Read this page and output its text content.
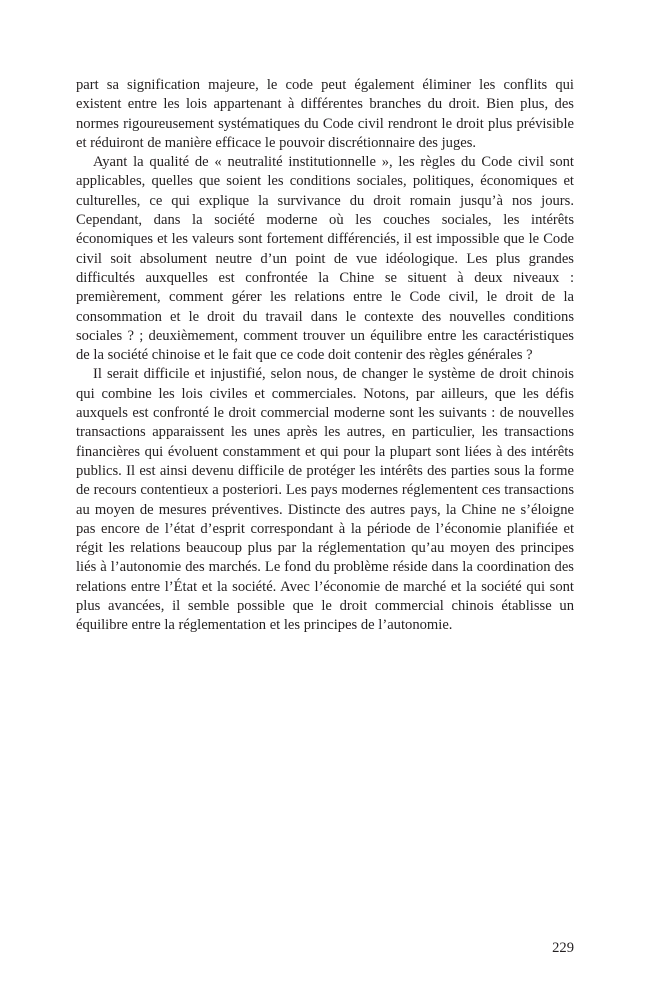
part sa signification majeure, le code peut également éliminer les conflits qui existent entre les lois appartenant à différentes branches du droit. Bien plus, des normes rigoureusement systématiques du Code civil rendront le droit plus prévisible et réduiront de manière efficace le pouvoir discrétionnaire des juges.

Ayant la qualité de « neutralité institutionnelle », les règles du Code civil sont applicables, quelles que soient les conditions sociales, politiques, économiques et culturelles, ce qui explique la survivance du droit romain jusqu’à nos jours. Cependant, dans la société moderne où les couches sociales, les intérêts économiques et les valeurs sont fortement différenciés, il est impossible que le Code civil soit absolument neutre d’un point de vue idéologique. Les plus grandes difficultés auxquelles est confrontée la Chine se situent à deux niveaux : premièrement, comment gérer les relations entre le Code civil, le droit de la consommation et le droit du travail dans le contexte des nouvelles conditions sociales ? ; deuxièmement, comment trouver un équilibre entre les caractéristiques de la société chinoise et le fait que ce code doit contenir des règles générales ?

Il serait difficile et injustifié, selon nous, de changer le système de droit chinois qui combine les lois civiles et commerciales. Notons, par ailleurs, que les défis auxquels est confronté le droit commercial moderne sont les suivants : de nouvelles transactions apparaissent les unes après les autres, en particulier, les transactions financières qui évoluent constamment et qui pour la plupart sont liées à des intérêts publics. Il est ainsi devenu difficile de protéger les intérêts des parties sous la forme de recours contentieux a posteriori. Les pays modernes réglementent ces transactions au moyen de mesures préventives. Distincte des autres pays, la Chine ne s’éloigne pas encore de l’état d’esprit correspondant à la période de l’économie planifiée et régit les relations beaucoup plus par la réglementation qu’au moyen des principes liés à l’autonomie des marchés. Le fond du problème réside dans la coordination des relations entre l’État et la société. Avec l’économie de marché et la société qui sont plus avancées, il semble possible que le droit commercial chinois établisse un équilibre entre la réglementation et les principes de l’autonomie.

229
